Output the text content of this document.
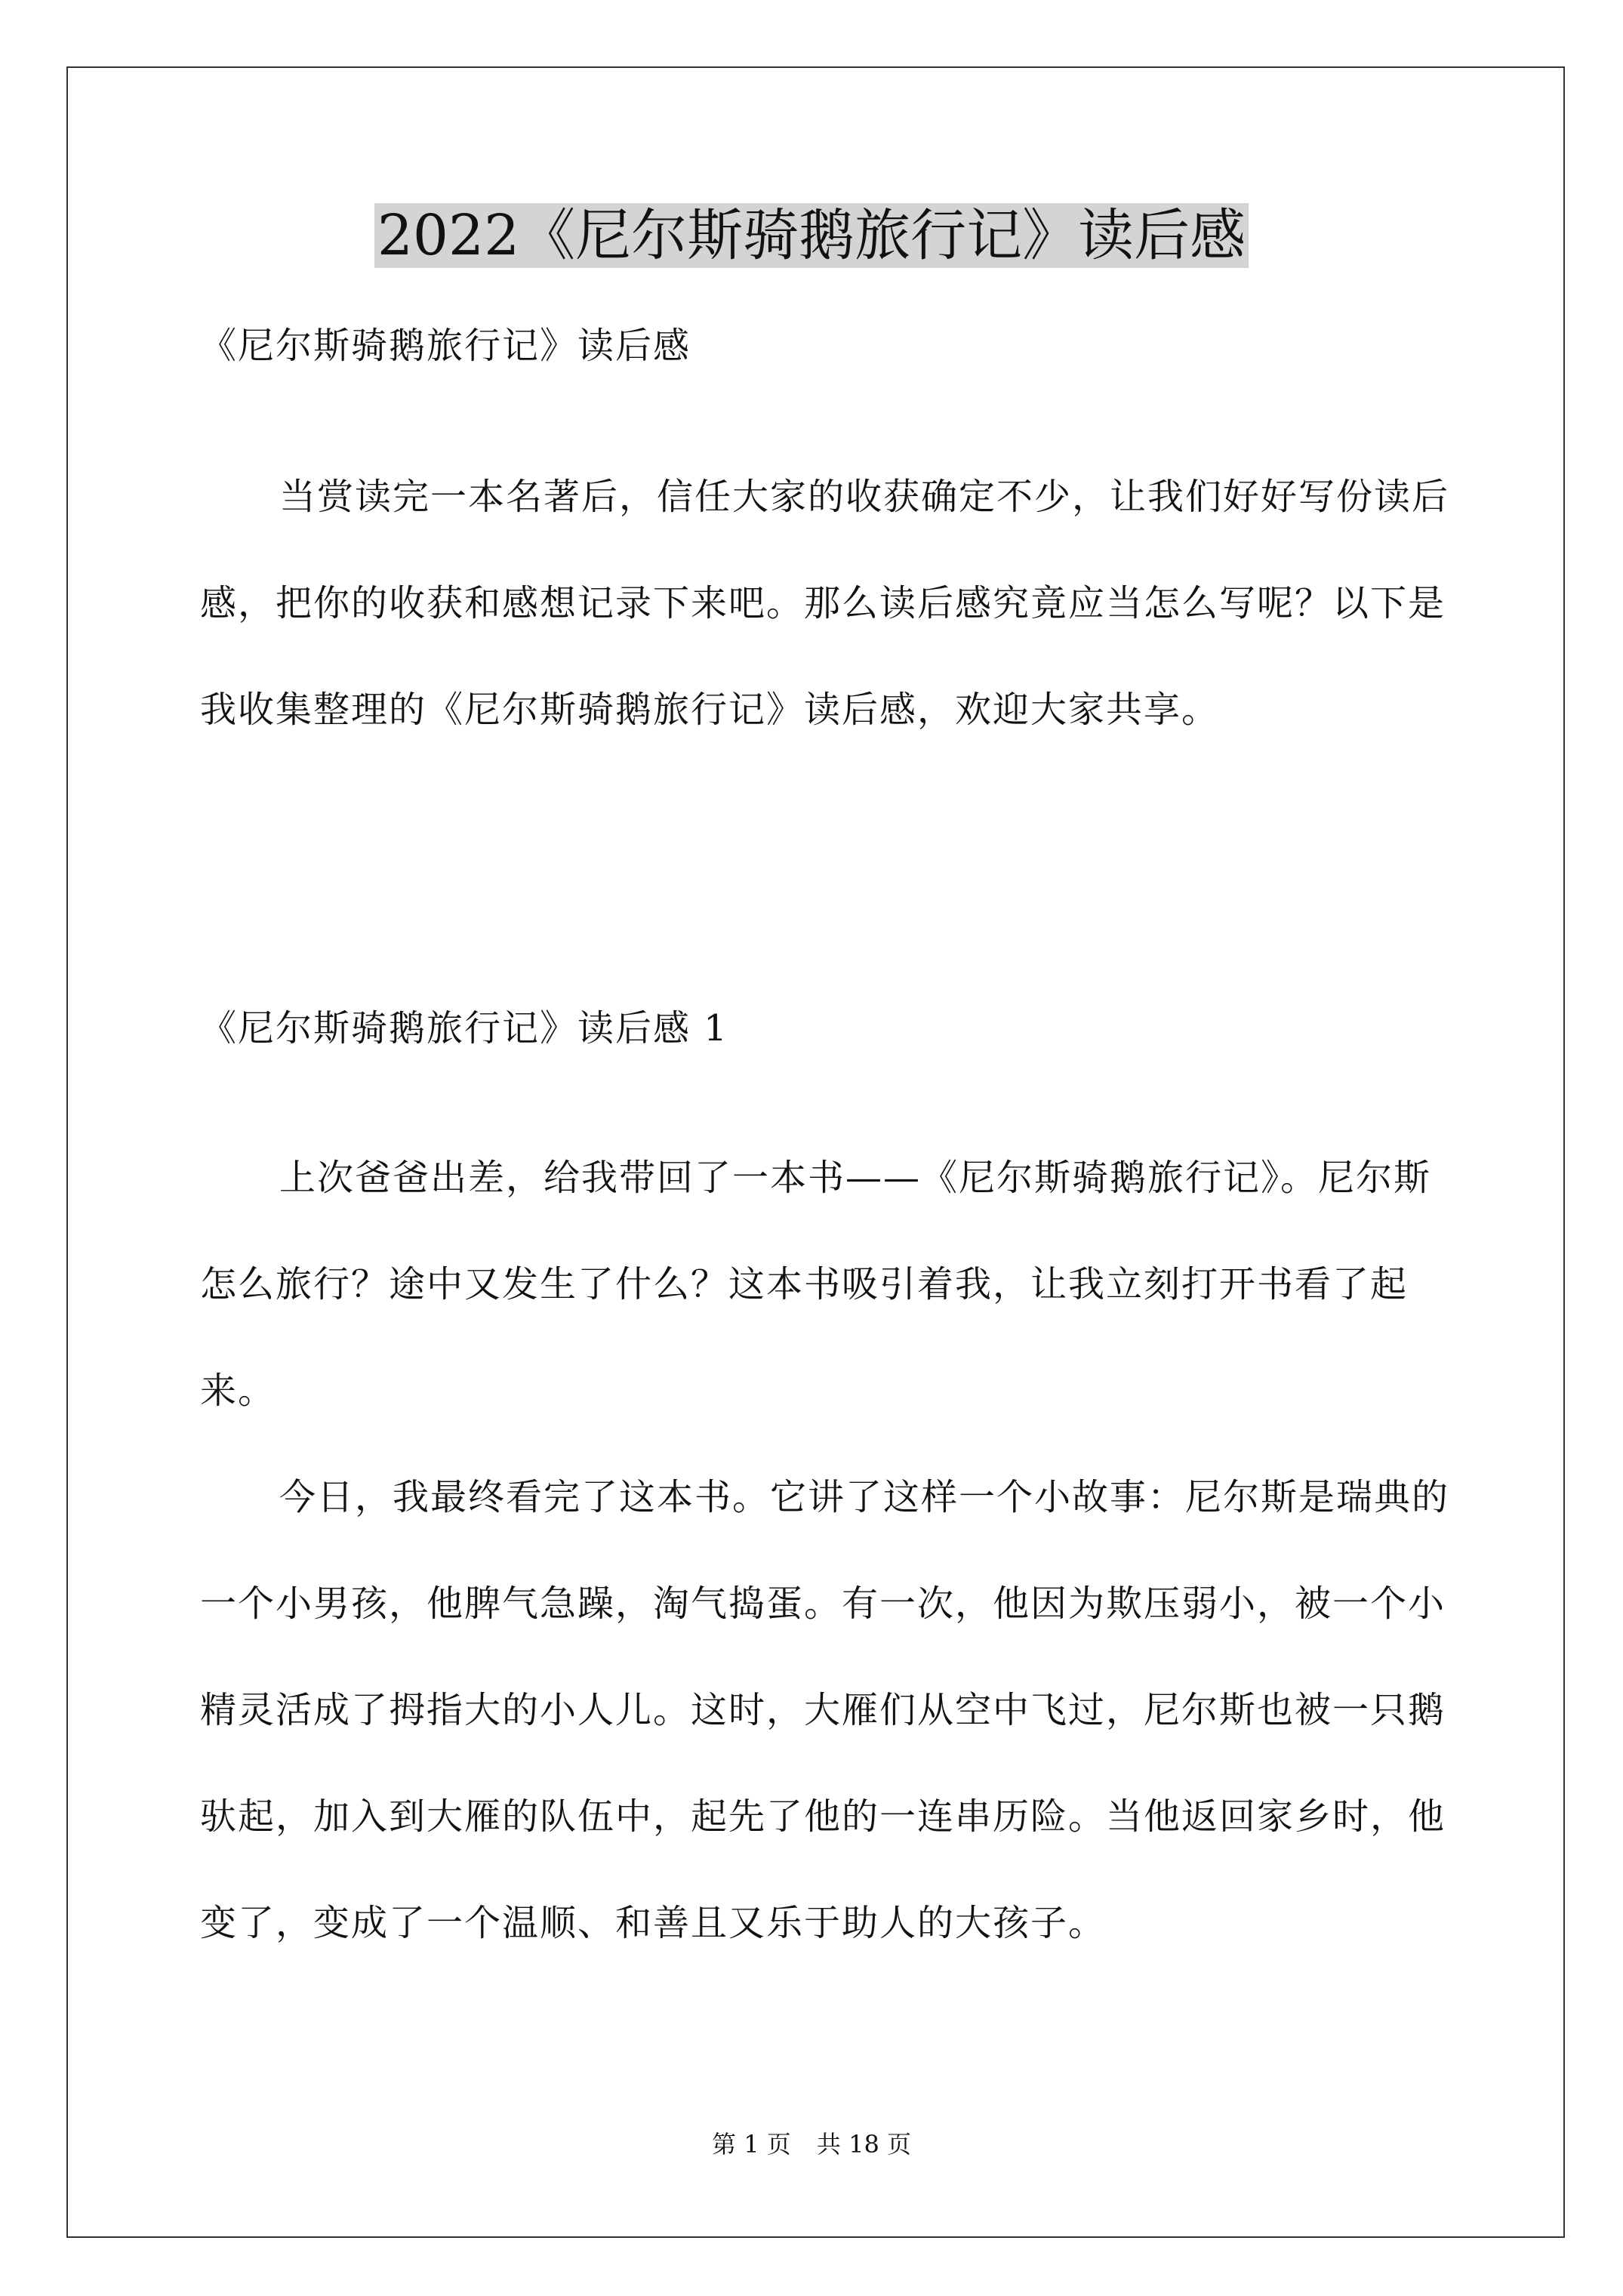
2022《尼尔斯骑鹅旅行记》读后感

《尼尔斯骑鹅旅行记》读后感

当赏读完一本名著后，信任大家的收获确定不少，让我们好好写份读后感，把你的收获和感想记录下来吧。那么读后感究竟应当怎么写呢？以下是我收集整理的《尼尔斯骑鹅旅行记》读后感，欢迎大家共享。

《尼尔斯骑鹅旅行记》读后感 1

上次爸爸出差，给我带回了一本书——《尼尔斯骑鹅旅行记》。尼尔斯怎么旅行？途中又发生了什么？这本书吸引着我，让我立刻打开书看了起来。

今日，我最终看完了这本书。它讲了这样一个小故事：尼尔斯是瑞典的一个小男孩，他脾气急躁，淘气捣蛋。有一次，他因为欺压弱小，被一个小精灵活成了拇指大的小人儿。这时，大雁们从空中飞过，尼尔斯也被一只鹅驮起，加入到大雁的队伍中，起先了他的一连串历险。当他返回家乡时，他变了，变成了一个温顺、和善且又乐于助人的大孩子。

第 1 页 共 18 页
